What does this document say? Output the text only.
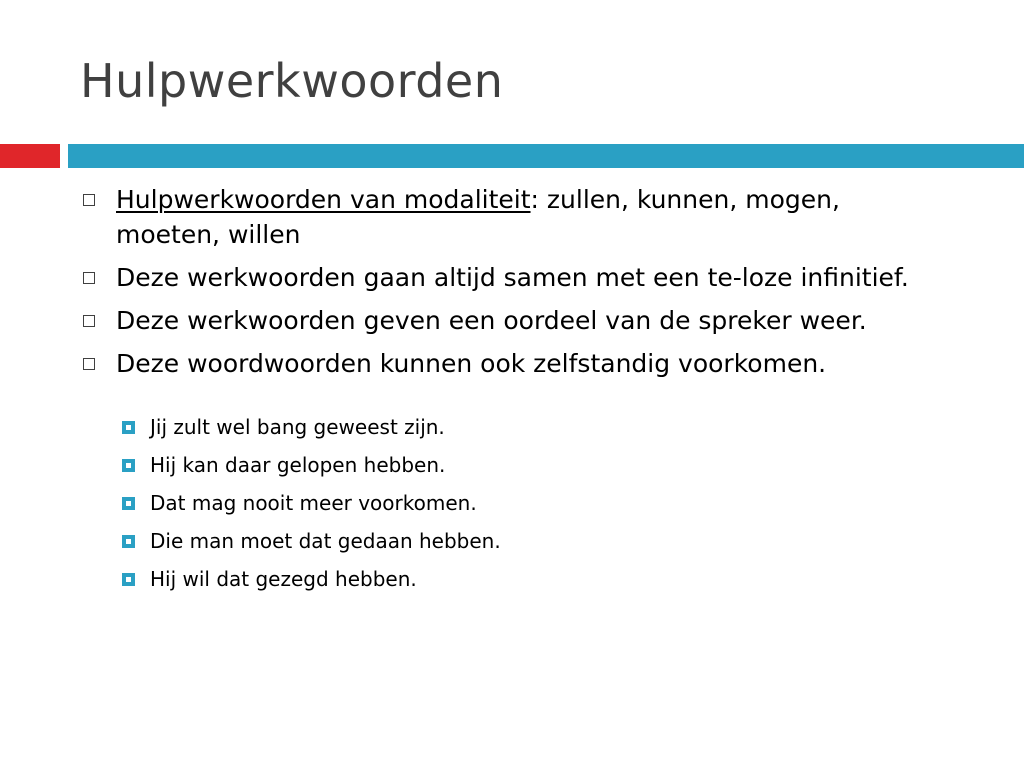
Hulpwerkwoorden
Hulpwerkwoorden van modaliteit: zullen, kunnen, mogen, moeten, willen
Deze werkwoorden gaan altijd samen met een te-loze infinitief.
Deze werkwoorden geven een oordeel van de spreker weer.
Deze woordwoorden kunnen ook zelfstandig voorkomen.
Jij zult wel bang geweest zijn.
Hij kan daar gelopen hebben.
Dat mag nooit meer voorkomen.
Die man moet dat gedaan hebben.
Hij wil dat gezegd hebben.
